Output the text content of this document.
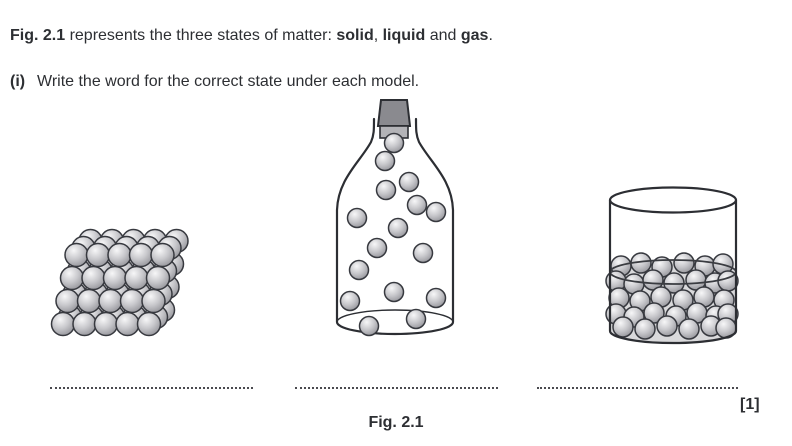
Fig. 2.1 represents the three states of matter: solid, liquid and gas.

(i) Write the word for the correct state under each model.

[1]
Fig. 2.1
